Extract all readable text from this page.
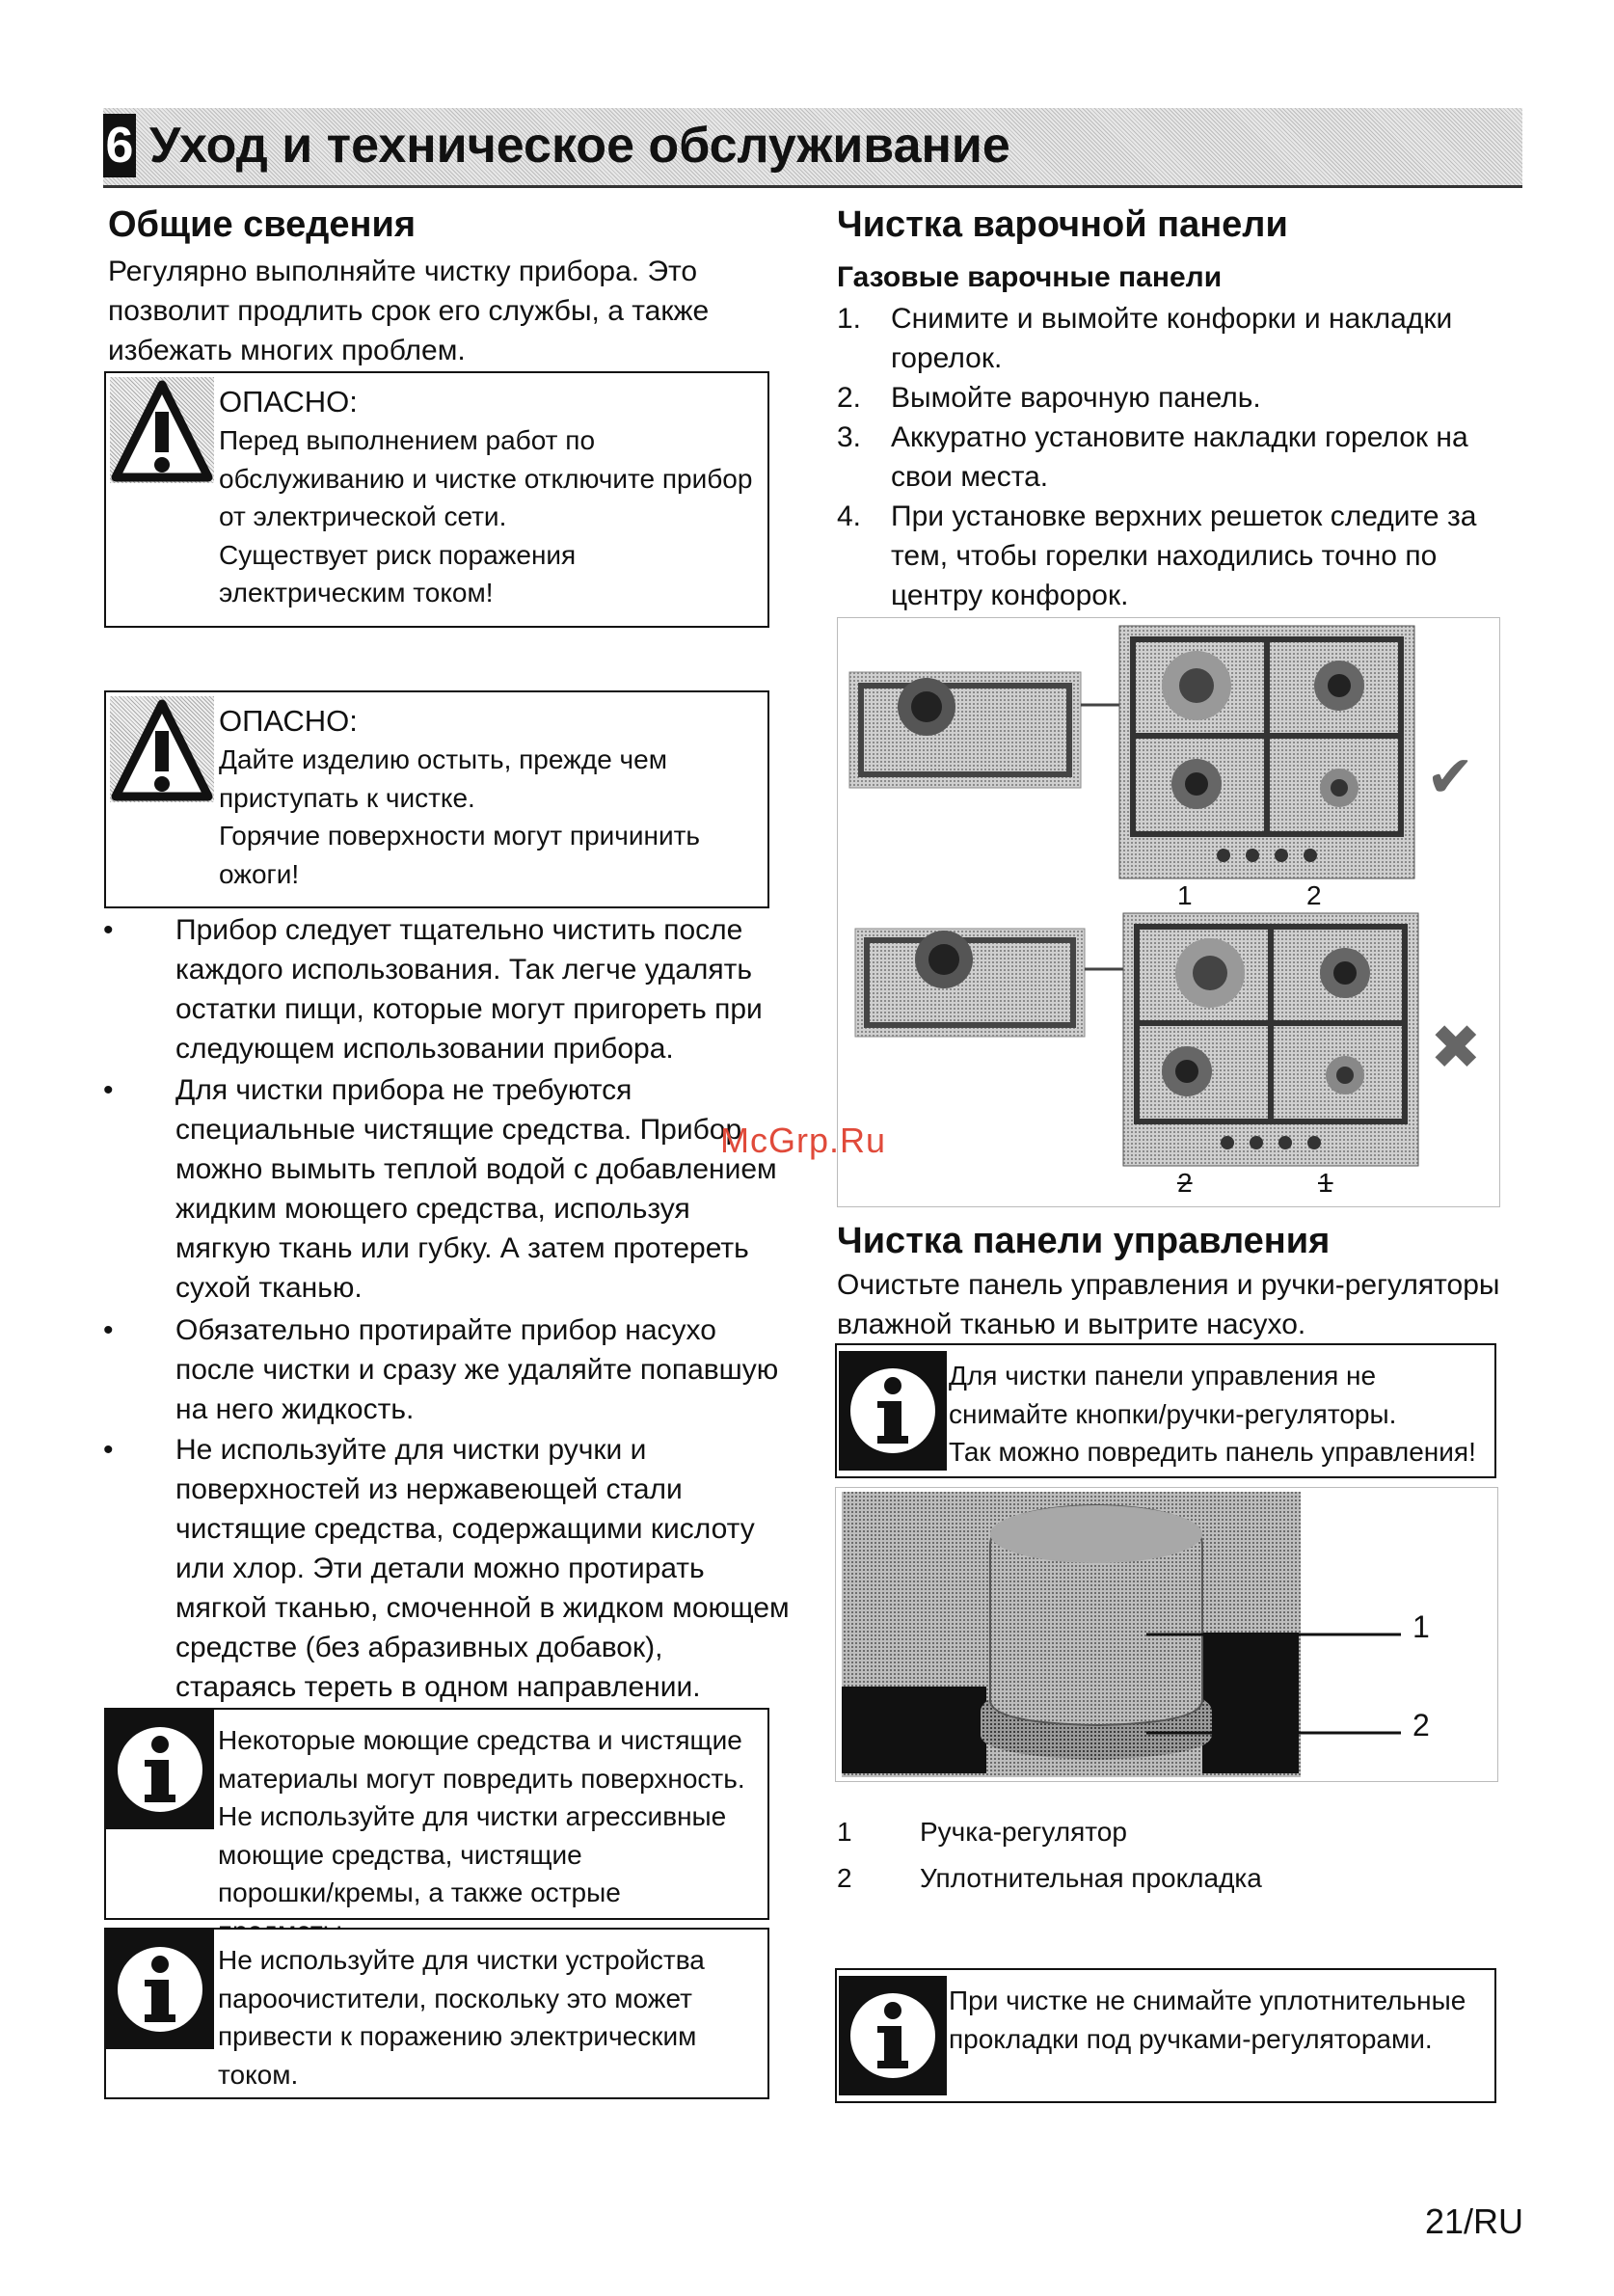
6 Уход и техническое обслуживание
Общие сведения
Регулярно выполняйте чистку прибора. Это
позволит продлить срок его службы, а также
избежать многих проблем.
ОПАСНО:
Перед выполнением работ по
обслуживанию и чистке отключите прибор
от электрической сети.
Существует риск поражения
электрическим током!
ОПАСНО:
Дайте изделию остыть, прежде чем
приступать к чистке.
Горячие поверхности могут причинить
ожоги!
•	Прибор следует тщательно чистить после
каждого использования. Так легче удалять
остатки пищи, которые могут пригореть при
следующем использовании прибора.
•	Для чистки прибора не требуются
специальные чистящие средства. Прибор
можно вымыть теплой водой с добавлением
жидким моющего средства, используя
мягкую ткань или губку. А затем протереть
сухой тканью.
•	Обязательно протирайте прибор насухо
после чистки и сразу же удаляйте попавшую
на него жидкость.
•	Не используйте для чистки ручки и
поверхностей из нержавеющей стали
чистящие средства, содержащими кислоту
или хлор. Эти детали можно протирать
мягкой тканью, смоченной в жидком моющем
средстве (без абразивных добавок),
стараясь тереть в одном направлении.
Некоторые моющие средства и чистящие
материалы могут повредить поверхность.
Не используйте для чистки агрессивные
моющие средства, чистящие
порошки/кремы, а также острые
Не используйте для чистки устройства
пароочистители, поскольку это может
привести к поражению электрическим
током.
Чистка варочной панели
Газовые варочные панели
1. Снимите и вымойте конфорки и накладки
горелок.
2. Вымойте варочную панель.
3. Аккуратно установите накладки горелок на
свои места.
4. При установке верхних решеток следите за
тем, чтобы горелки находились точно по
центру конфорок.
1	2
2	1
✔
✖
McGrp.Ru
Чистка панели управления
Очистьте панель управления и ручки-регуляторы
влажной тканью и вытрите насухо.
Для чистки панели управления не
снимайте кнопки/ручки-регуляторы.
Так можно повредить панель управления!
1
2
1	Ручка-регулятор
2	Уплотнительная прокладка
При чистке не снимайте уплотнительные
прокладки под ручками-регуляторами.
21/RU
